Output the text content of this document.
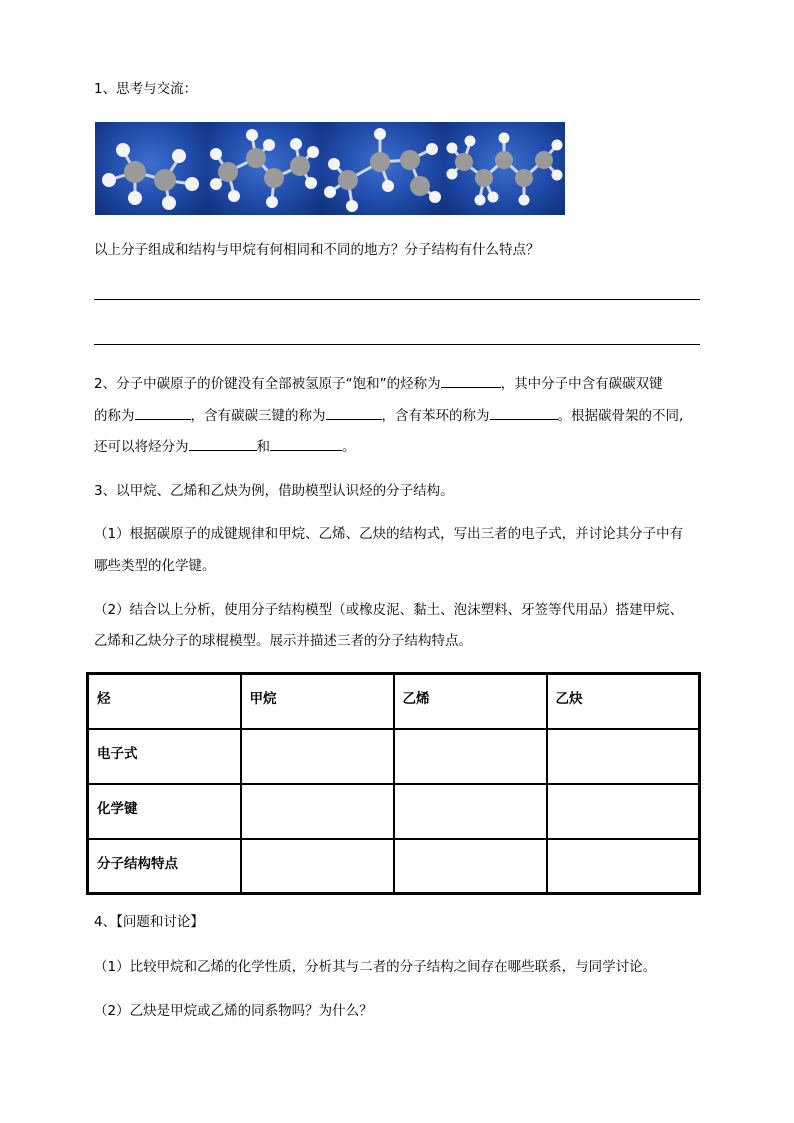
1、思考与交流：
以上分子组成和结构与甲烷有何相同和不同的地方？分子结构有什么特点？
2、分子中碳原子的价键没有全部被氢原子“饱和”的烃称为	，其中分子中含有碳碳双键
的称为	，含有碳碳三键的称为	，含有苯环的称为	。根据碳骨架的不同,
还可以将烃分为	和	。
3、以甲烷、乙烯和乙炔为例，借助模型认识烃的分子结构。
（1）根据碳原子的成键规律和甲烷、乙烯、乙炔的结构式，写出三者的电子式，并讨论其分子中有
哪些类型的化学键。
（2）结合以上分析，使用分子结构模型（或橡皮泥、黏土、泡沫塑料、牙签等代用品）搭建甲烷、
乙烯和乙炔分子的球棍模型。展示并描述三者的分子结构特点。
烃	甲烷	乙烯	乙炔
电子式			
化学键			
分子结构特点			
4、【问题和讨论】
（1）比较甲烷和乙烯的化学性质，分析其与二者的分子结构之间存在哪些联系，与同学讨论。
（2）乙炔是甲烷或乙烯的同系物吗？为什么？
